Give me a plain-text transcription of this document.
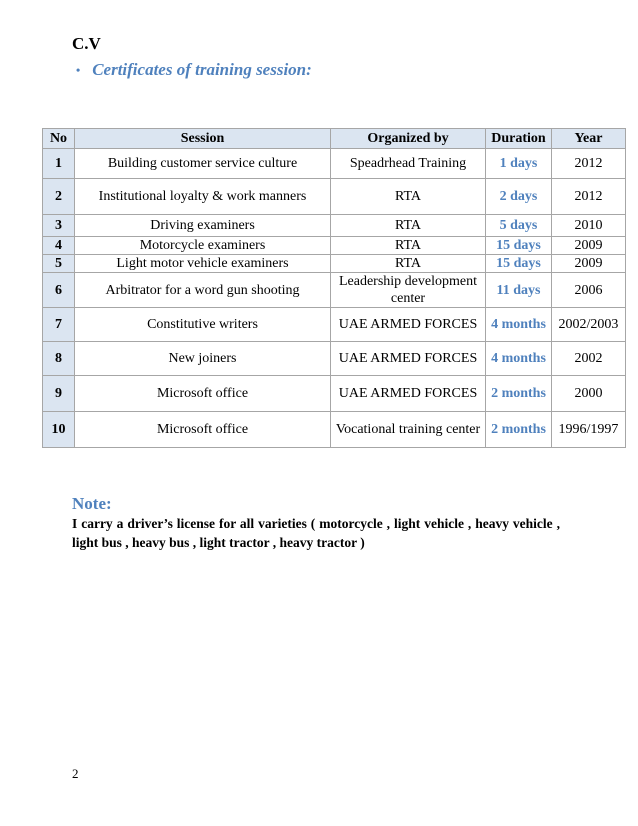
C.V
• Certificates of training session:
No	Session	Organized by	Duration	Year
1	Building customer service culture	Speadrhead Training	1 days	2012
2	Institutional loyalty & work manners	RTA	2 days	2012
3	Driving examiners	RTA	5 days	2010
4	Motorcycle examiners	RTA	15 days	2009
5	Light motor vehicle examiners	RTA	15 days	2009
6	Arbitrator for a word gun shooting	Leadership development center	11 days	2006
7	Constitutive writers	UAE ARMED FORCES	4 months	2002/2003
8	New joiners	UAE ARMED FORCES	4 months	2002
9	Microsoft office	UAE ARMED FORCES	2 months	2000
10	Microsoft office	Vocational training center	2 months	1996/1997
Note:
I carry a driver’s license for all varieties ( motorcycle , light vehicle , heavy vehicle , light bus , heavy bus , light tractor , heavy tractor )
2
